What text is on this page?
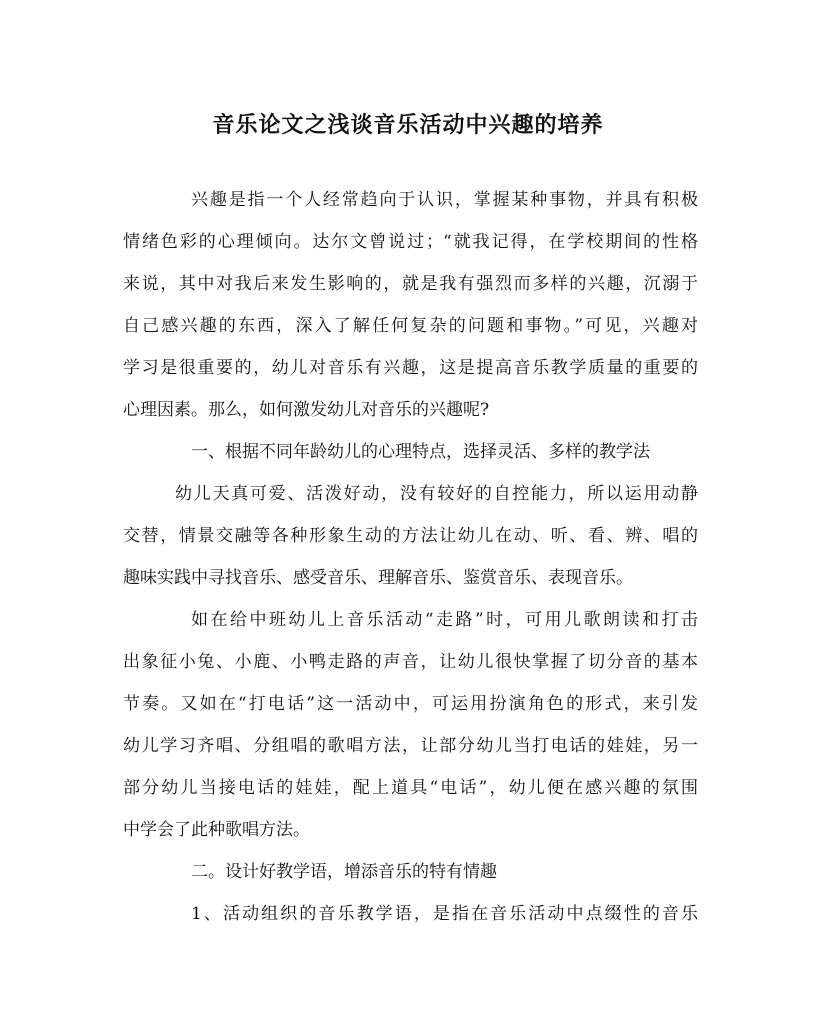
音乐论文之浅谈音乐活动中兴趣的培养
兴趣是指一个人经常趋向于认识，掌握某种事物，并具有积极
情绪色彩的心理倾向。达尔文曾说过；“就我记得，在学校期间的性格
来说，其中对我后来发生影响的，就是我有强烈而多样的兴趣，沉溺于
自己感兴趣的东西，深入了解任何复杂的问题和事物。”可见，兴趣对
学习是很重要的，幼儿对音乐有兴趣，这是提高音乐教学质量的重要的
心理因素。那么，如何激发幼儿对音乐的兴趣呢?
一、根据不同年龄幼儿的心理特点，选择灵活、多样的教学法
幼儿天真可爱、活泼好动，没有较好的自控能力，所以运用动静
交替，情景交融等各种形象生动的方法让幼儿在动、听、看、辨、唱的
趣味实践中寻找音乐、感受音乐、理解音乐、鉴赏音乐、表现音乐。
如在给中班幼儿上音乐活动“走路”时，可用儿歌朗读和打击
出象征小兔、小鹿、小鸭走路的声音，让幼儿很快掌握了切分音的基本
节奏。又如在“打电话”这一活动中，可运用扮演角色的形式，来引发
幼儿学习齐唱、分组唱的歌唱方法，让部分幼儿当打电话的娃娃，另一
部分幼儿当接电话的娃娃，配上道具“电话”，幼儿便在感兴趣的氛围
中学会了此种歌唱方法。
二。设计好教学语，增添音乐的特有情趣
1、活动组织的音乐教学语，是指在音乐活动中点缀性的音乐
